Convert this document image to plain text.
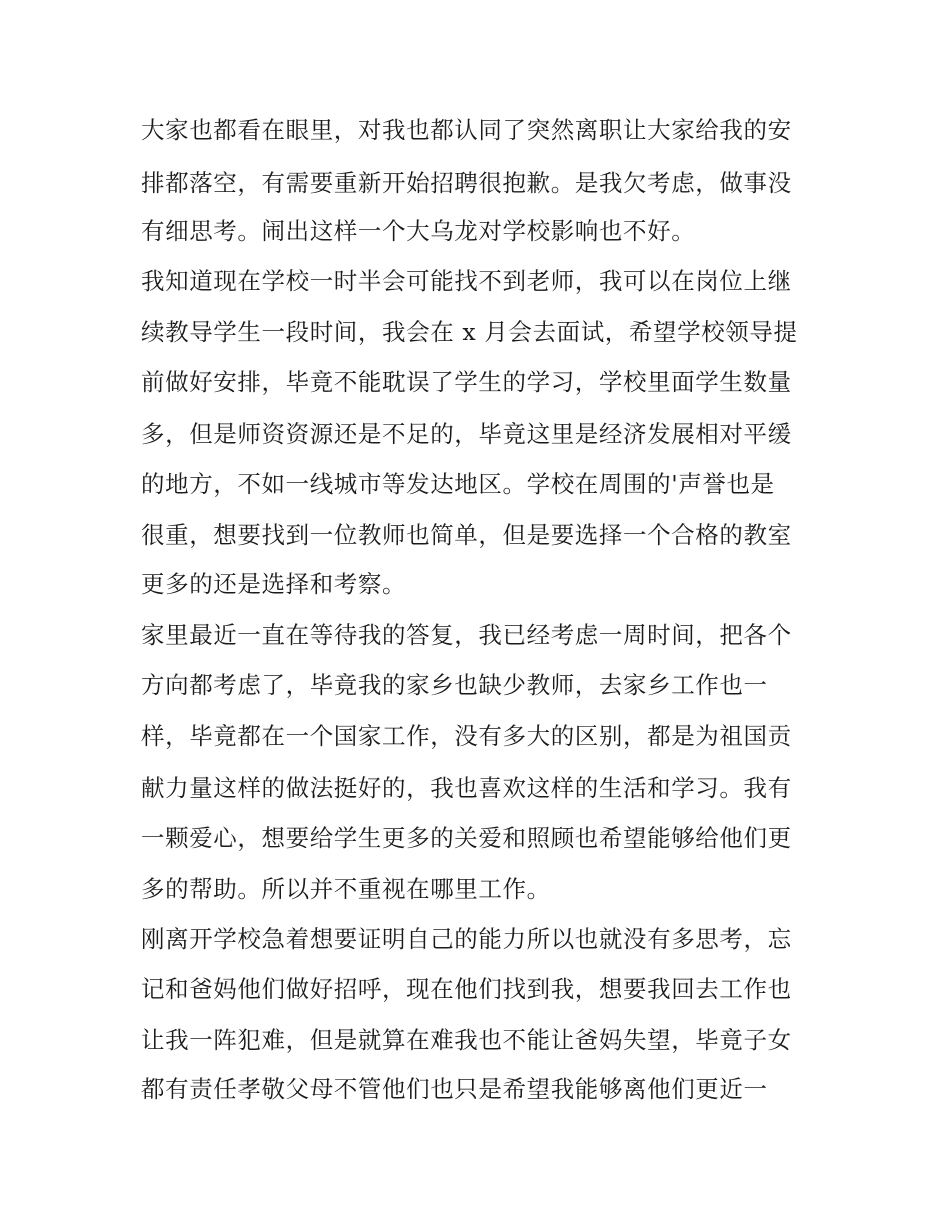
大家也都看在眼里，对我也都认同了突然离职让大家给我的安
排都落空，有需要重新开始招聘很抱歉。是我欠考虑，做事没
有细思考。闹出这样一个大乌龙对学校影响也不好。
我知道现在学校一时半会可能找不到老师，我可以在岗位上继
续教导学生一段时间，我会在 x 月会去面试，希望学校领导提
前做好安排，毕竟不能耽误了学生的学习，学校里面学生数量
多，但是师资资源还是不足的，毕竟这里是经济发展相对平缓
的地方，不如一线城市等发达地区。学校在周围的'声誉也是
很重，想要找到一位教师也简单，但是要选择一个合格的教室
更多的还是选择和考察。
家里最近一直在等待我的答复，我已经考虑一周时间，把各个
方向都考虑了，毕竟我的家乡也缺少教师，去家乡工作也一
样，毕竟都在一个国家工作，没有多大的区别，都是为祖国贡
献力量这样的做法挺好的，我也喜欢这样的生活和学习。我有
一颗爱心，想要给学生更多的关爱和照顾也希望能够给他们更
多的帮助。所以并不重视在哪里工作。
刚离开学校急着想要证明自己的能力所以也就没有多思考，忘
记和爸妈他们做好招呼，现在他们找到我，想要我回去工作也
让我一阵犯难，但是就算在难我也不能让爸妈失望，毕竟子女
都有责任孝敬父母不管他们也只是希望我能够离他们更近一
